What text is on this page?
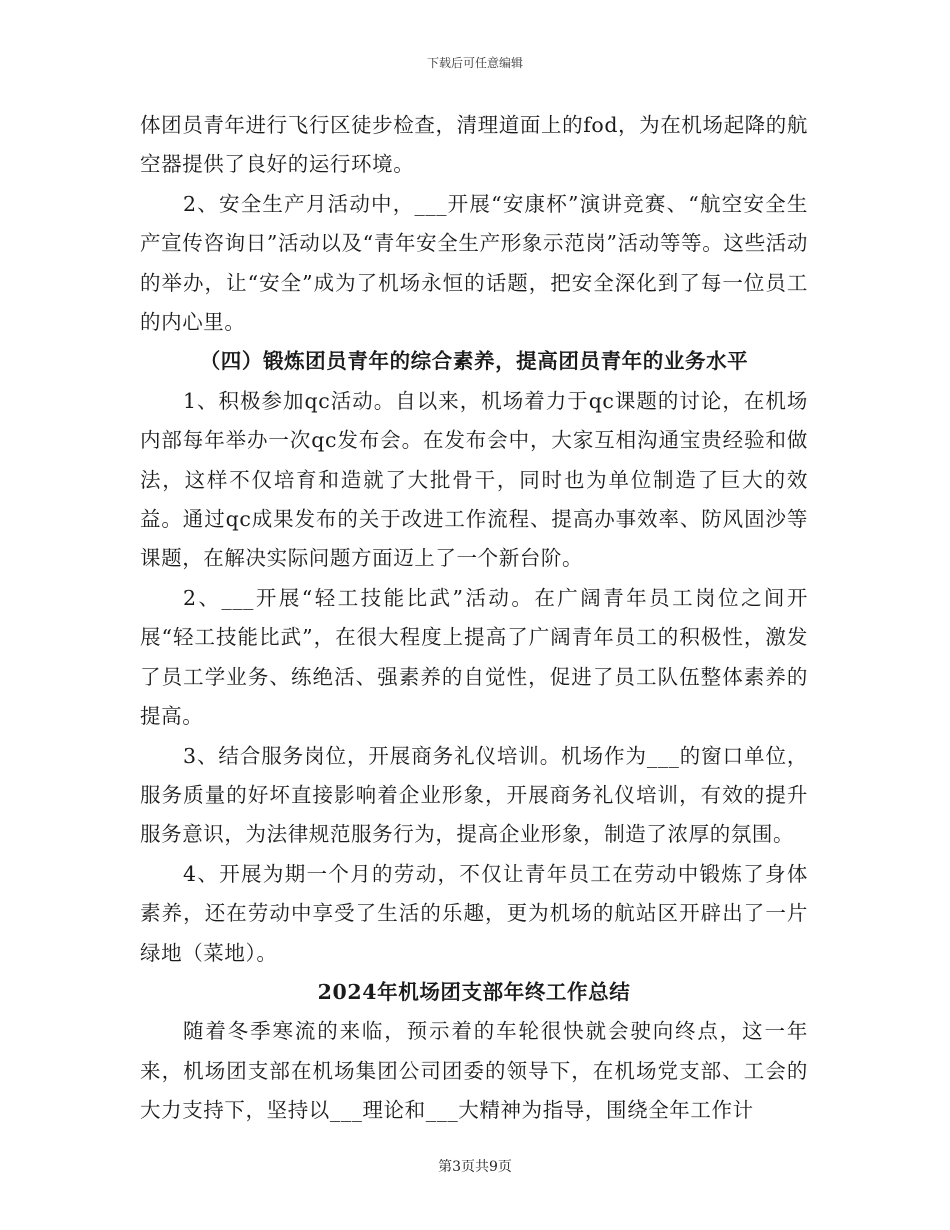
下载后可任意编辑

体团员青年进行飞行区徒步检查，清理道面上的fod，为在机场起降的航空器提供了良好的运行环境。

2、安全生产月活动中，___开展“安康杯”演讲竞赛、“航空安全生产宣传咨询日”活动以及“青年安全生产形象示范岗”活动等等。这些活动的举办，让“安全”成为了机场永恒的话题，把安全深化到了每一位员工的内心里。

（四）锻炼团员青年的综合素养，提高团员青年的业务水平

1、积极参加qc活动。自以来，机场着力于qc课题的讨论，在机场内部每年举办一次qc发布会。在发布会中，大家互相沟通宝贵经验和做法，这样不仅培育和造就了大批骨干，同时也为单位制造了巨大的效益。通过qc成果发布的关于改进工作流程、提高办事效率、防风固沙等课题，在解决实际问题方面迈上了一个新台阶。

2、___开展“轻工技能比武”活动。在广阔青年员工岗位之间开展“轻工技能比武”，在很大程度上提高了广阔青年员工的积极性，激发了员工学业务、练绝活、强素养的自觉性，促进了员工队伍整体素养的提高。

3、结合服务岗位，开展商务礼仪培训。机场作为___的窗口单位，服务质量的好坏直接影响着企业形象，开展商务礼仪培训，有效的提升服务意识，为法律规范服务行为，提高企业形象，制造了浓厚的氛围。

4、开展为期一个月的劳动，不仅让青年员工在劳动中锻炼了身体素养，还在劳动中享受了生活的乐趣，更为机场的航站区开辟出了一片绿地（菜地）。

2024年机场团支部年终工作总结

随着冬季寒流的来临，预示着的车轮很快就会驶向终点，这一年来，机场团支部在机场集团公司团委的领导下，在机场党支部、工会的大力支持下，坚持以___理论和___大精神为指导，围绕全年工作计

第3页共9页
